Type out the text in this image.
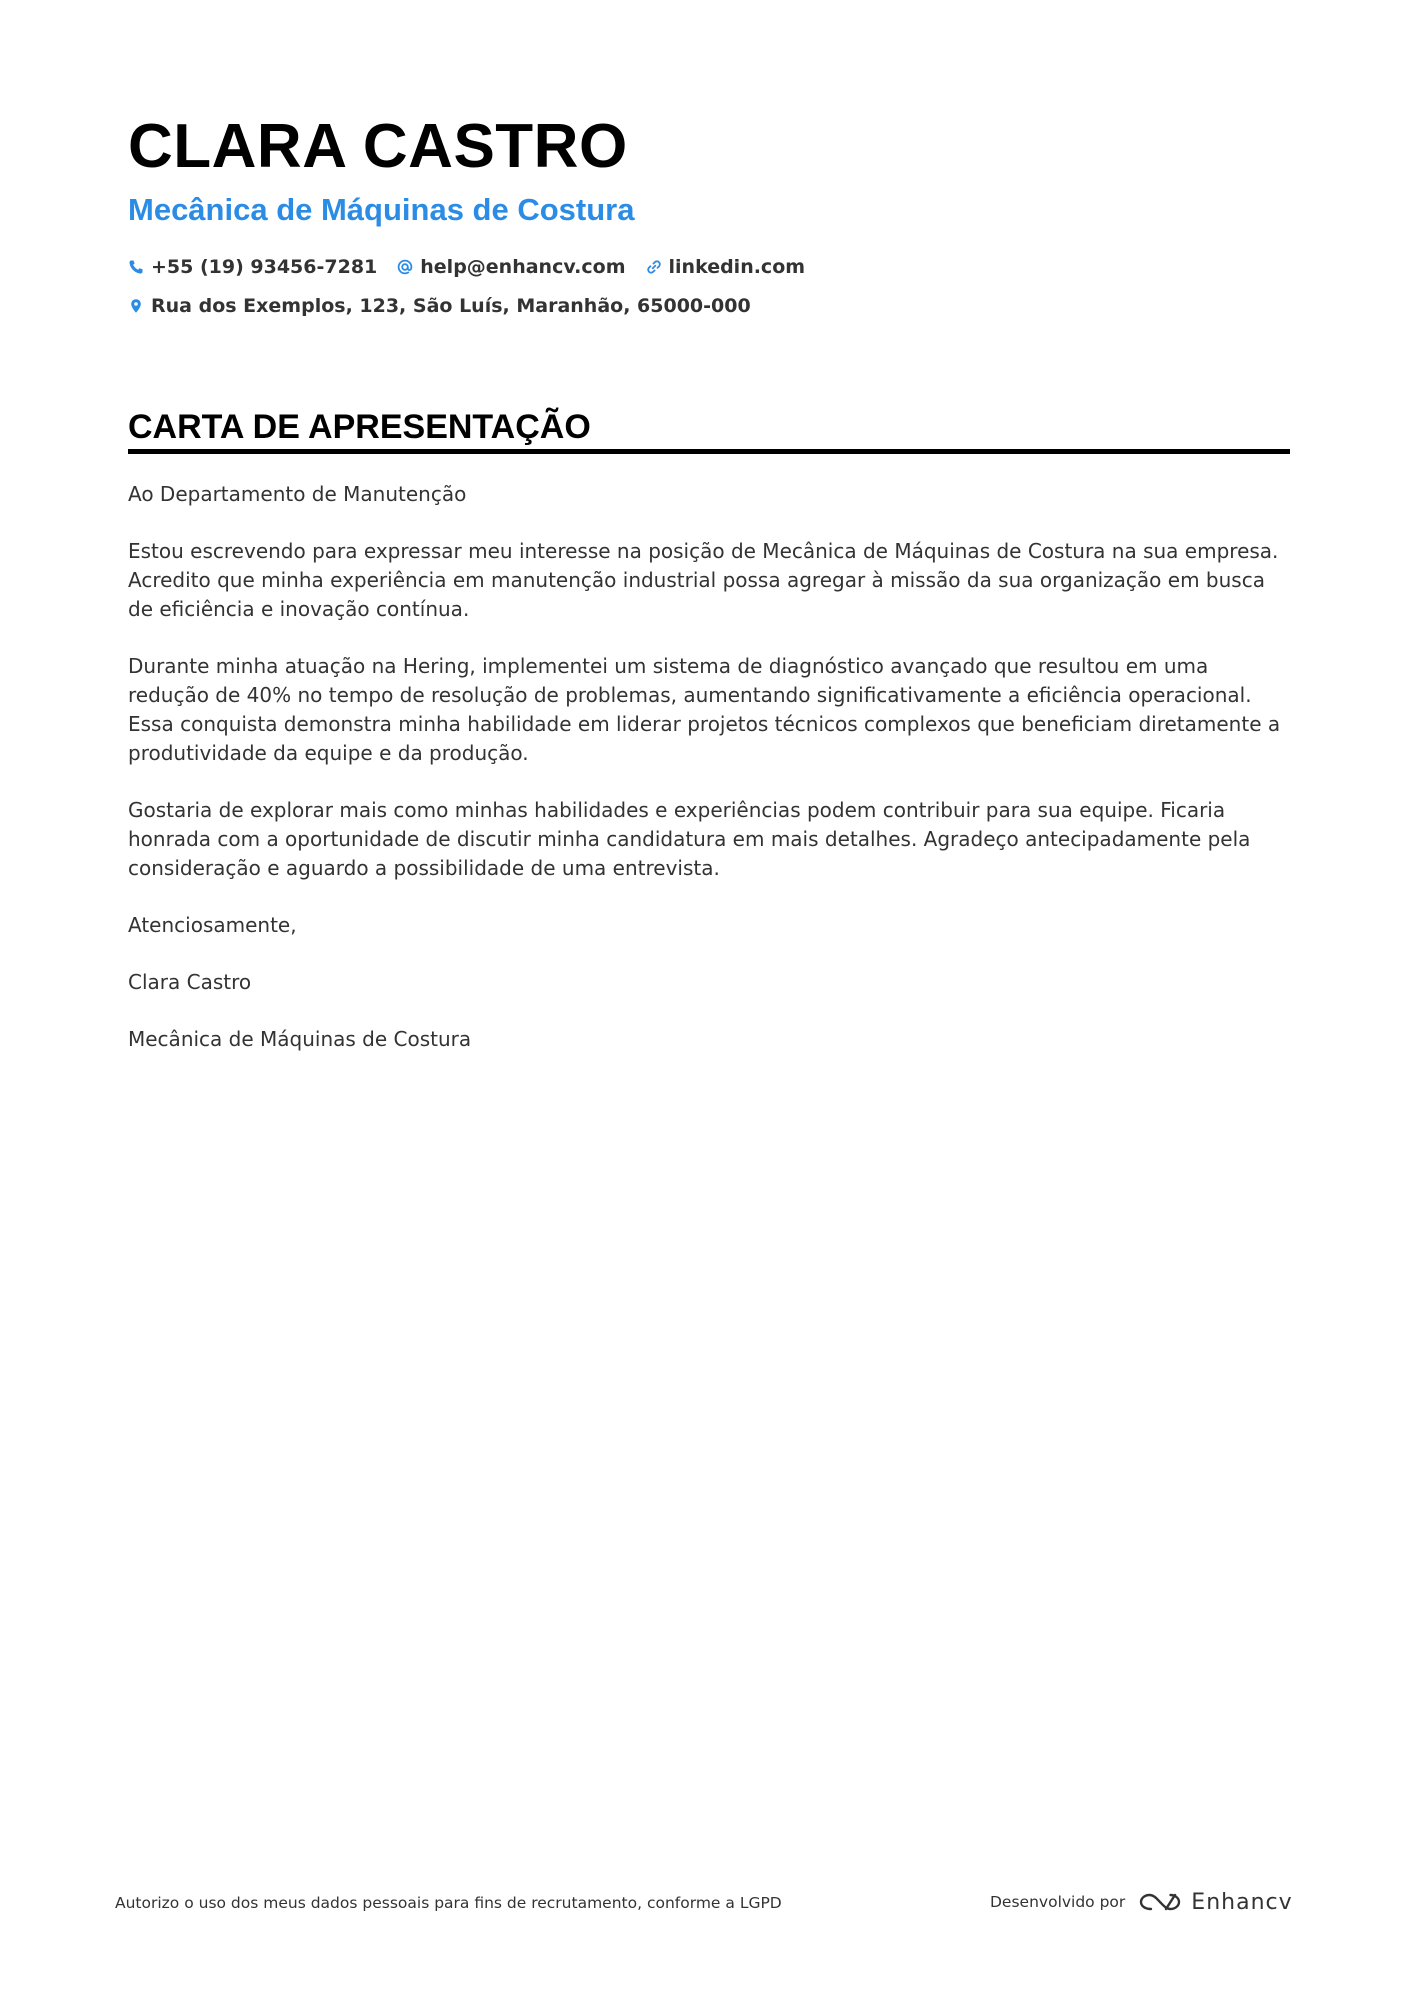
CLARA CASTRO
Mecânica de Máquinas de Costura
+55 (19) 93456-7281 help@enhancv.com linkedin.com
Rua dos Exemplos, 123, São Luís, Maranhão, 65000-000
CARTA DE APRESENTAÇÃO

Ao Departamento de Manutenção

Estou escrevendo para expressar meu interesse na posição de Mecânica de Máquinas de Costura na sua empresa. Acredito que minha experiência em manutenção industrial possa agregar à missão da sua organização em busca de eficiência e inovação contínua.

Durante minha atuação na Hering, implementei um sistema de diagnóstico avançado que resultou em uma redução de 40% no tempo de resolução de problemas, aumentando significativamente a eficiência operacional. Essa conquista demonstra minha habilidade em liderar projetos técnicos complexos que beneficiam diretamente a produtividade da equipe e da produção.

Gostaria de explorar mais como minhas habilidades e experiências podem contribuir para sua equipe. Ficaria honrada com a oportunidade de discutir minha candidatura em mais detalhes. Agradeço antecipadamente pela consideração e aguardo a possibilidade de uma entrevista.

Atenciosamente,

Clara Castro

Mecânica de Máquinas de Costura

Autorizo o uso dos meus dados pessoais para fins de recrutamento, conforme a LGPD	Desenvolvido por	Enhancv
